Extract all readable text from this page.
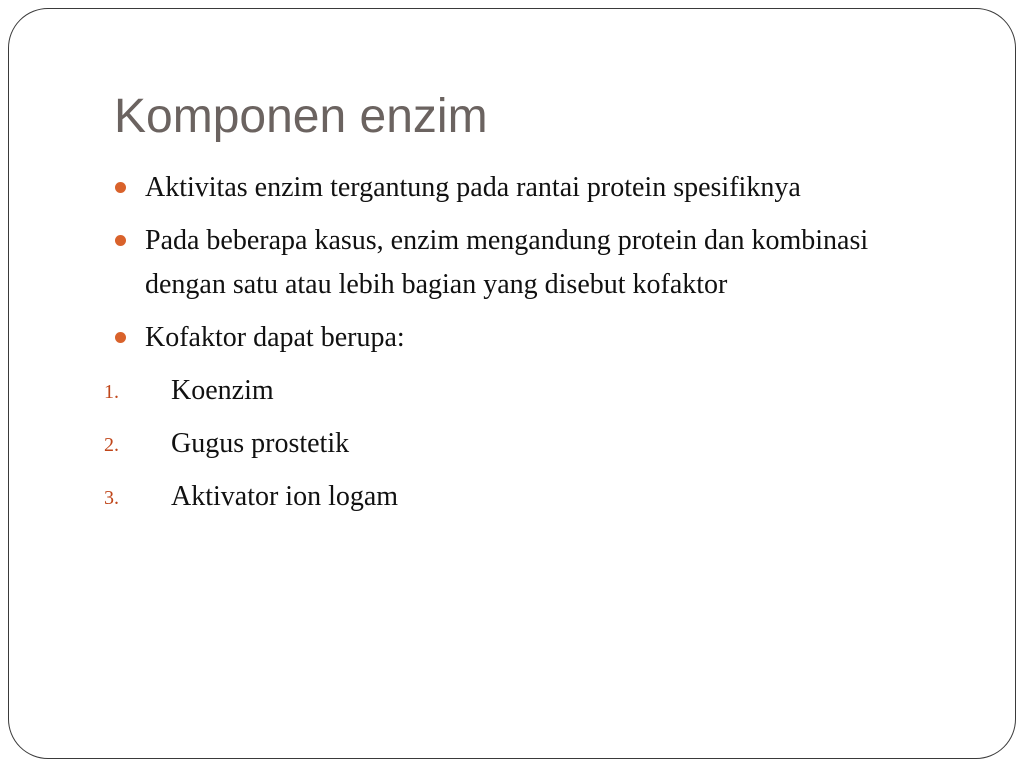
Komponen enzim
Aktivitas enzim tergantung pada rantai protein spesifiknya
Pada beberapa kasus, enzim mengandung protein dan kombinasi dengan satu atau lebih bagian yang disebut kofaktor
Kofaktor dapat berupa:
1. Koenzim
2. Gugus prostetik
3. Aktivator ion logam
